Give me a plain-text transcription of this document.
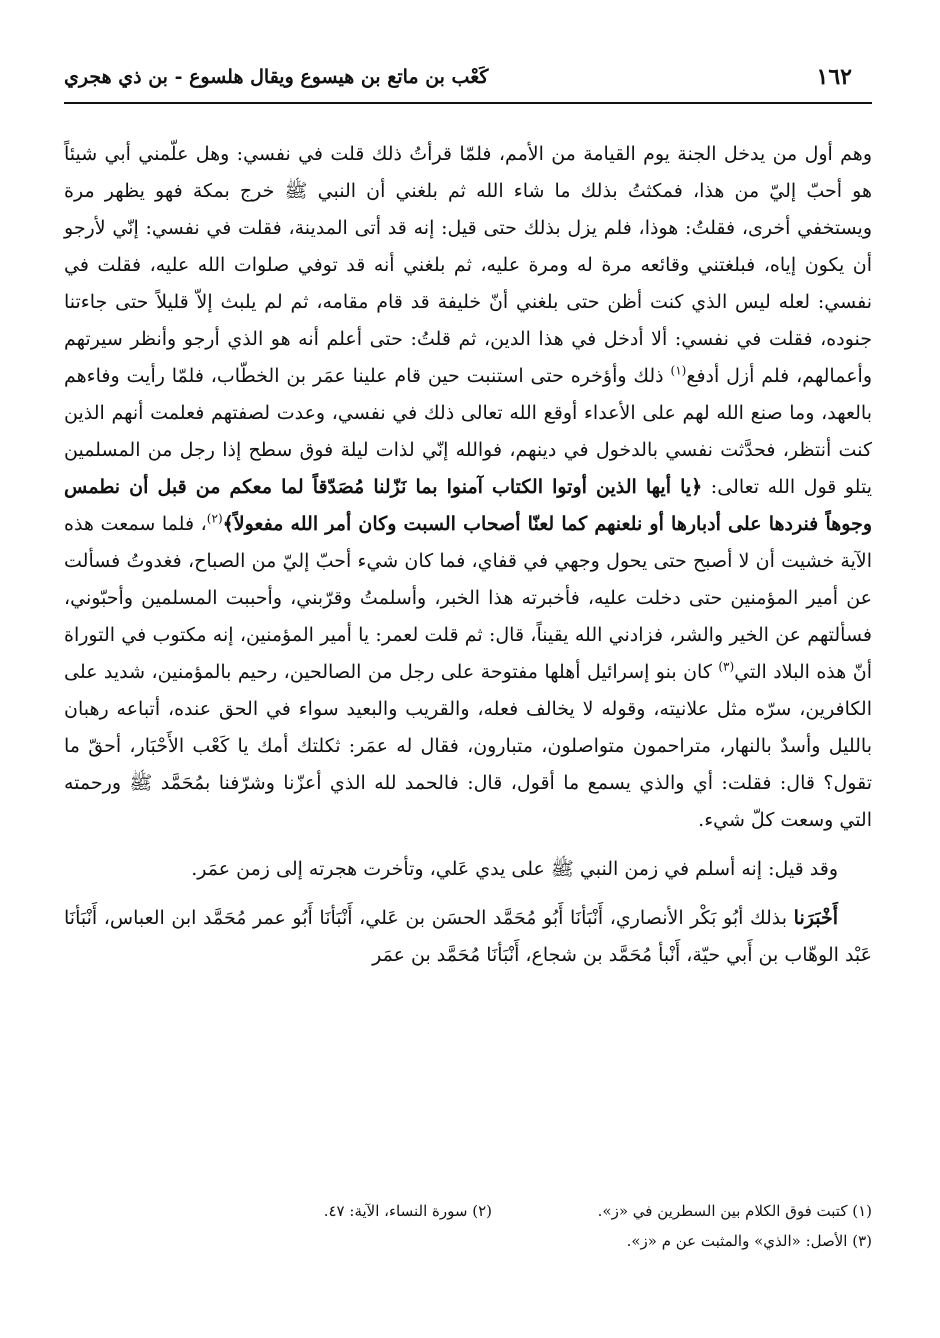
١٦٢
كَعْب بن ماتع بن هيسوع ويقال هلسوع - بن ذي هجري

وهم أول من يدخل الجنة يوم القيامة من الأمم، فلمّا قرأتُ ذلك قلت في نفسي: وهل علّمني أبي شيئاً هو أحبّ إليّ من هذا، فمكثتُ بذلك ما شاء الله ثم بلغني أن النبي ﷺ خرج بمكة فهو يظهر مرة ويستخفي أخرى، فقلتُ: هوذا، فلم يزل بذلك حتى قيل: إنه قد أتى المدينة، فقلت في نفسي: إنّي لأرجو أن يكون إياه، فبلغتني وقائعه مرة له ومرة عليه، ثم بلغني أنه قد توفي صلوات الله عليه، فقلت في نفسي: لعله ليس الذي كنت أظن حتى بلغني أنّ خليفة قد قام مقامه، ثم لم يلبث إلاّ قليلاً حتى جاءتنا جنوده، فقلت في نفسي: ألا أدخل في هذا الدين، ثم قلتُ: حتى أعلم أنه هو الذي أرجو وأنظر سيرتهم وأعمالهم، فلم أزل أدفع$^{(١)}$ ذلك وأؤخره حتى استنبت حين قام علينا عمَر بن الخطّاب، فلمّا رأيت وفاءهم بالعهد، وما صنع الله لهم على الأعداء أوقع الله تعالى ذلك في نفسي، وعدت لصفتهم فعلمت أنهم الذين كنت أنتظر، فحدَّثت نفسي بالدخول في دينهم، فوالله إنّي لذات ليلة فوق سطح إذا رجل من المسلمين يتلو قول الله تعالى: ﴿يا أيها الذين أوتوا الكتاب آمنوا بما نَزّلنا مُصَدّقاً لما معكم من قبل أن نطمس وجوهاً فنردها على أدبارها أو نلعنهم كما لعنّا أصحاب السبت وكان أمر الله مفعولاً﴾$^{(٢)}$، فلما سمعت هذه الآية خشيت أن لا أصبح حتى يحول وجهي في قفاي، فما كان شيء أحبّ إليّ من الصباح، فغدوتُ فسألت عن أمير المؤمنين حتى دخلت عليه، فأخبرته هذا الخبر، وأسلمتُ وقرّبني، وأحببت المسلمين وأحبّوني، فسألتهم عن الخير والشر، فزادني الله يقيناً، قال: ثم قلت لعمر: يا أمير المؤمنين، إنه مكتوب في التوراة أنّ هذه البلاد التي$^{(٣)}$ كان بنو إسرائيل أهلها مفتوحة على رجل من الصالحين، رحيم بالمؤمنين، شديد على الكافرين، سرّه مثل علانيته، وقوله لا يخالف فعله، والقريب والبعيد سواء في الحق عنده، أتباعه رهبان بالليل وأسدٌ بالنهار، متراحمون متواصلون، متبارون، فقال له عمَر: ثكلتك أمك يا كَعْب الأَحْبَار، أحقّ ما تقول؟ قال: فقلت: أي والذي يسمع ما أقول، قال: فالحمد لله الذي أعزّنا وشرّفنا بمُحَمَّد ﷺ ورحمته التي وسعت كلّ شيء.

وقد قيل: إنه أسلم في زمن النبي ﷺ على يدي عَلي، وتأخرت هجرته إلى زمن عمَر.

أَخْبَرَنا بذلك أبُو بَكْر الأنصاري، أَنْبَأنَا أَبُو مُحَمَّد الحسَن بن عَلي، أَنْبَأنَا أَبُو عمر مُحَمَّد ابن العباس، أَنْبَأنَا عَبْد الوهّاب بن أَبي حيّة، أَنْبأ مُحَمَّد بن شجاع، أَنْبَأنَا مُحَمَّد بن عمَر

(١) كتبت فوق الكلام بين السطرين في «ز».
(٢) سورة النساء، الآية: ٤٧.
(٣) الأصل: «الذي» والمثبت عن م «ز».
